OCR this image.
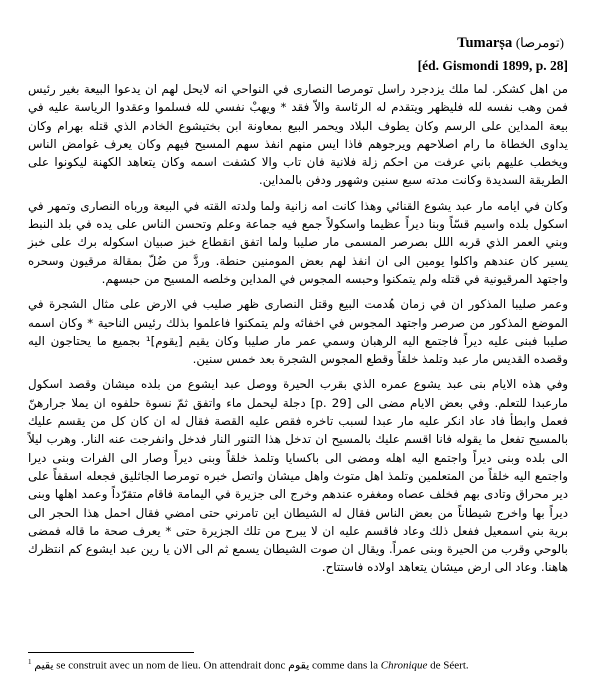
Tumarṣa (تومرصا)
[éd. Gismondi 1899, p. 28]

من اهل كشكر. لما ملك يزدجرد راسل تومرصا النصارى في النواحي انه لايحل لهم ان يدعوا البيعة بغير رئيس فمن وهب نفسه لله فليظهر ويتقدم له الرئاسة والاّ فقد * ويهبْ نفسي لله فسلموا وعقدوا الرياسة عليه في بيعة المداين على الرسم وكان يطوف البلاد ويحمر البيع بمعاونة ابن بختيشوع الخادم الذي قتله بهرام وكان يداوى الخطاة ما رام اصلاحهم ويرجوهم فاذا ايس منهم انفذ سهم المسيح فيهم وكان يعرف غوامض الناس ويخطب عليهم باني عرفت من احكم زلة فلانية فان تاب والا كشفت اسمه وكان يتعاهد الكهنة ليكونوا على الطريقة السديدة وكانت مدته سبع سنين وشهور ودفن بالمداين.

وكان في ايامه مار عبد يشوع القنائي وهذا كانت امه زانية ولما ولدته القته في البيعة ورباه النصارى وتمهر في اسكول بلده واسيم قسّاً وبنا ديراً عظيما واسكولاً جمع فيه جماعة وعلم وتحسن الناس على يده في بلد النبط وبني العمر الذي قربه اللل بصرصر المسمى مار صليبا ولما اتفق انقطاع خبز صبيان اسكوله برك على خبز يسير كان عندهم واكلوا يومين الى ان انفذ لهم بعض المومنين حنطة. وردَّ من ضُلّ بمقالة مرقيون وسحره واجتهد المرقيونية في قتله ولم يتمكنوا وحبسه المجوس في المداين وخلصه المسيح من حبسهم.

وعمر صليبا المذكور ان في زمان هُدمت البيع وقتل النصارى ظهر صليب في الارض على مثال الشجرة في الموضع المذكور من صرصر واجتهد المجوس في اخفائه ولم يتمكنوا فاعلموا بذلك رئيس الناحية * وكان اسمه صليبا فبنى عليه ديراً فاجتمع اليه الرهبان وسمي عمر مار صليبا وكان يقيم [يقوم]¹ بجميع ما يحتاجون اليه وقصده القديس مار عبد وتلمذ خلقاً وقطع المجوس الشجرة بعد خمس سنين.

وفي هذه الايام بنى عبد يشوع عمره الذي بقرب الحيرة ووصل عبد ايشوع من بلده ميشان وقصد اسكول مارعبدا للتعلم. وفي بعض الايام مضى الى [p. 29] دجلة ليحمل ماء واتفق ثمّ نسوة حلفوه ان يملا جرارهنّ فعمل وابطأ فاد عاد انكر عليه مار عبدا لسبب تاخره فقص عليه القصة فقال له ان كان كل من يقسم عليك بالمسيح تفعل ما يقوله فانا اقسم عليك بالمسيح ان تدخل هذا التنور النار فدخل وانفرجت عنه النار. وهرب ليلاً الى بلده وبنى ديراً واجتمع اليه اهله ومضى الى باكسايا وتلمذ خلقاً وبنى ديراً وصار الى الفرات وبنى ديرا واجتمع اليه خلقاً من المتعلمين وتلمذ اهل متوث واهل ميشان واتصل خبره تومرصا الجاثليق فجعله اسقفاً على دير محراق وتادى بهم فخلف عصاه ومغفره عندهم وخرج الى جزيرة في اليمامة فاقام متقرّداً وعمد اهلها وبنى ديراً بها واخرج شيطاناً من بعض الناس فقال له الشيطان اين تامرني حتى امضي فقال احمل هذا الحجر الى برية بني اسمعيل ففعل ذلك وعاد فاقسم عليه ان لا يبرح من تلك الجزيرة حتى * يعرف صحة ما قاله فمضى بالوحي وقرب من الحيرة وبنى عمراً. ويقال ان صوت الشيطان يسمع ثم الى الان يا رين عبد ايشوع كم انتظرك هاهنا. وعاد الى ارض ميشان يتعاهد اولاده فاستتاح.

$^1$ يقيم se construit avec un nom de lieu. On attendrait donc يقوم comme dans la Chronique de Séert.
